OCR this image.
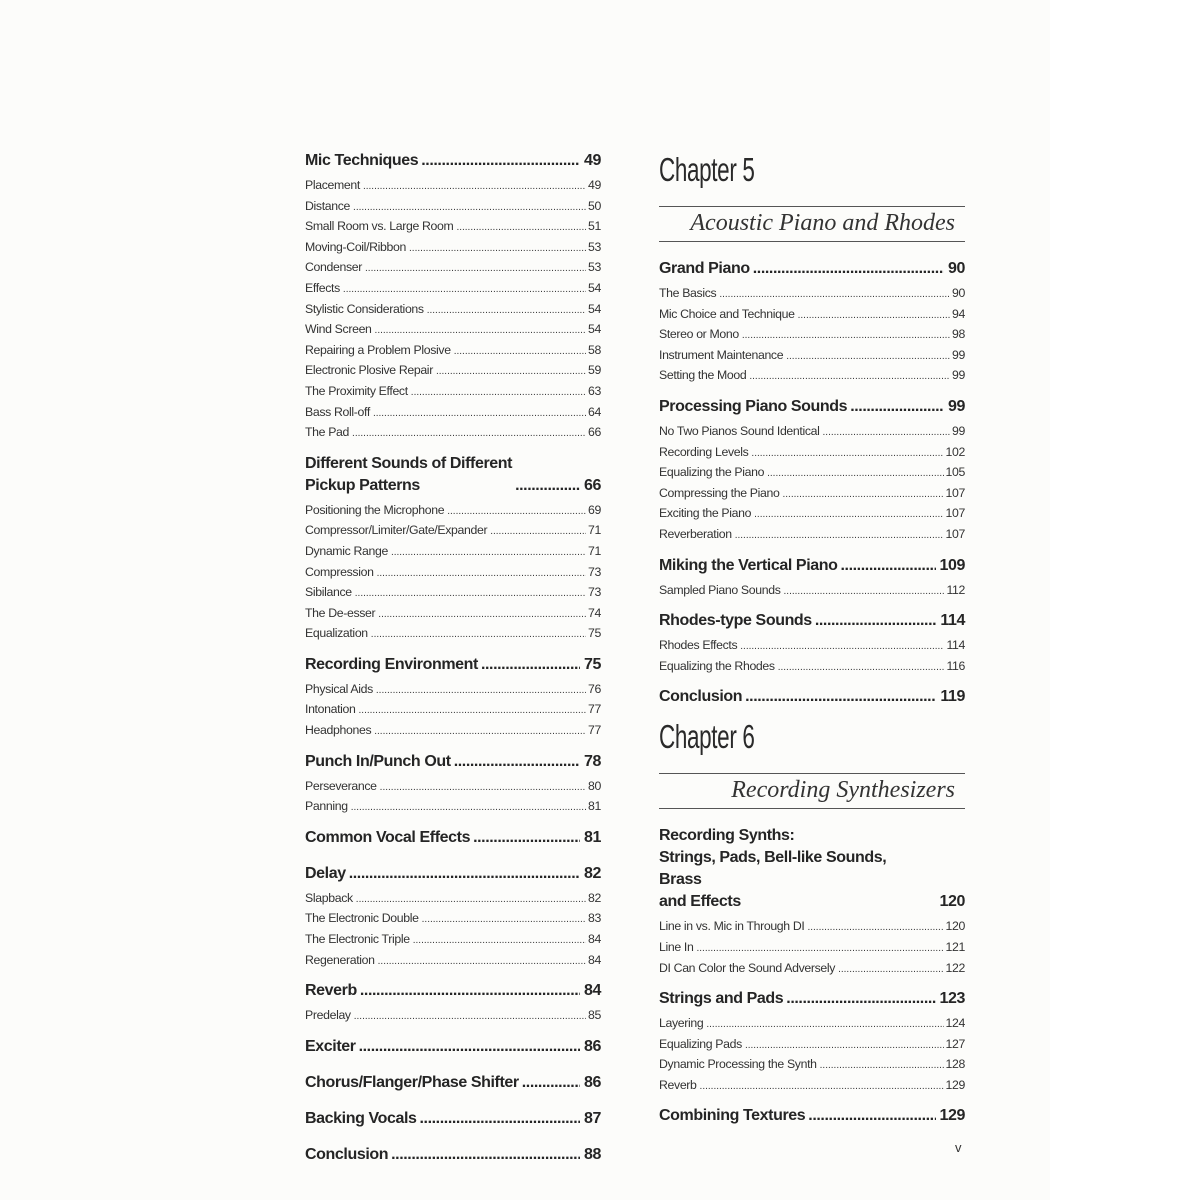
Mic Techniques .....	49
Placement .....	49
Distance .....	50
Small Room vs. Large Room .....	51
Moving-Coil/Ribbon .....	53
Condenser .....	53
Effects .....	54
Stylistic Considerations .....	54
Wind Screen .....	54
Repairing a Problem Plosive .....	58
Electronic Plosive Repair .....	59
The Proximity Effect .....	63
Bass Roll-off .....	64
The Pad .....	66
Different Sounds of Different
Pickup Patterns .....	66
Positioning the Microphone .....	69
Compressor/Limiter/Gate/Expander .....	71
Dynamic Range .....	71
Compression .....	73
Sibilance .....	73
The De-esser .....	74
Equalization .....	75
Recording Environment .....	75
Physical Aids .....	76
Intonation .....	77
Headphones .....	77
Punch In/Punch Out .....	78
Perseverance .....	80
Panning .....	81
Common Vocal Effects .....	81
Delay .....	82
Slapback .....	82
The Electronic Double .....	83
The Electronic Triple .....	84
Regeneration .....	84
Reverb .....	84
Predelay .....	85
Exciter .....	86
Chorus/Flanger/Phase Shifter .....	86
Backing Vocals .....	87
Conclusion .....	88
Chapter 5
Acoustic Piano and Rhodes
Grand Piano .....	90
The Basics .....	90
Mic Choice and Technique .....	94
Stereo or Mono .....	98
Instrument Maintenance .....	99
Setting the Mood .....	99
Processing Piano Sounds .....	99
No Two Pianos Sound Identical .....	99
Recording Levels .....	102
Equalizing the Piano .....	105
Compressing the Piano .....	107
Exciting the Piano .....	107
Reverberation .....	107
Miking the Vertical Piano .....	109
Sampled Piano Sounds .....	112
Rhodes-type Sounds .....	114
Rhodes Effects .....	114
Equalizing the Rhodes .....	116
Conclusion .....	119
Chapter 6
Recording Synthesizers
Recording Synths:
Strings, Pads, Bell-like Sounds, Brass
and Effects	120
Line in vs. Mic in Through DI .....	120
Line In .....	121
DI Can Color the Sound Adversely .....	122
Strings and Pads .....	123
Layering .....	124
Equalizing Pads .....	127
Dynamic Processing the Synth .....	128
Reverb .....	129
Combining Textures .....	129
v
